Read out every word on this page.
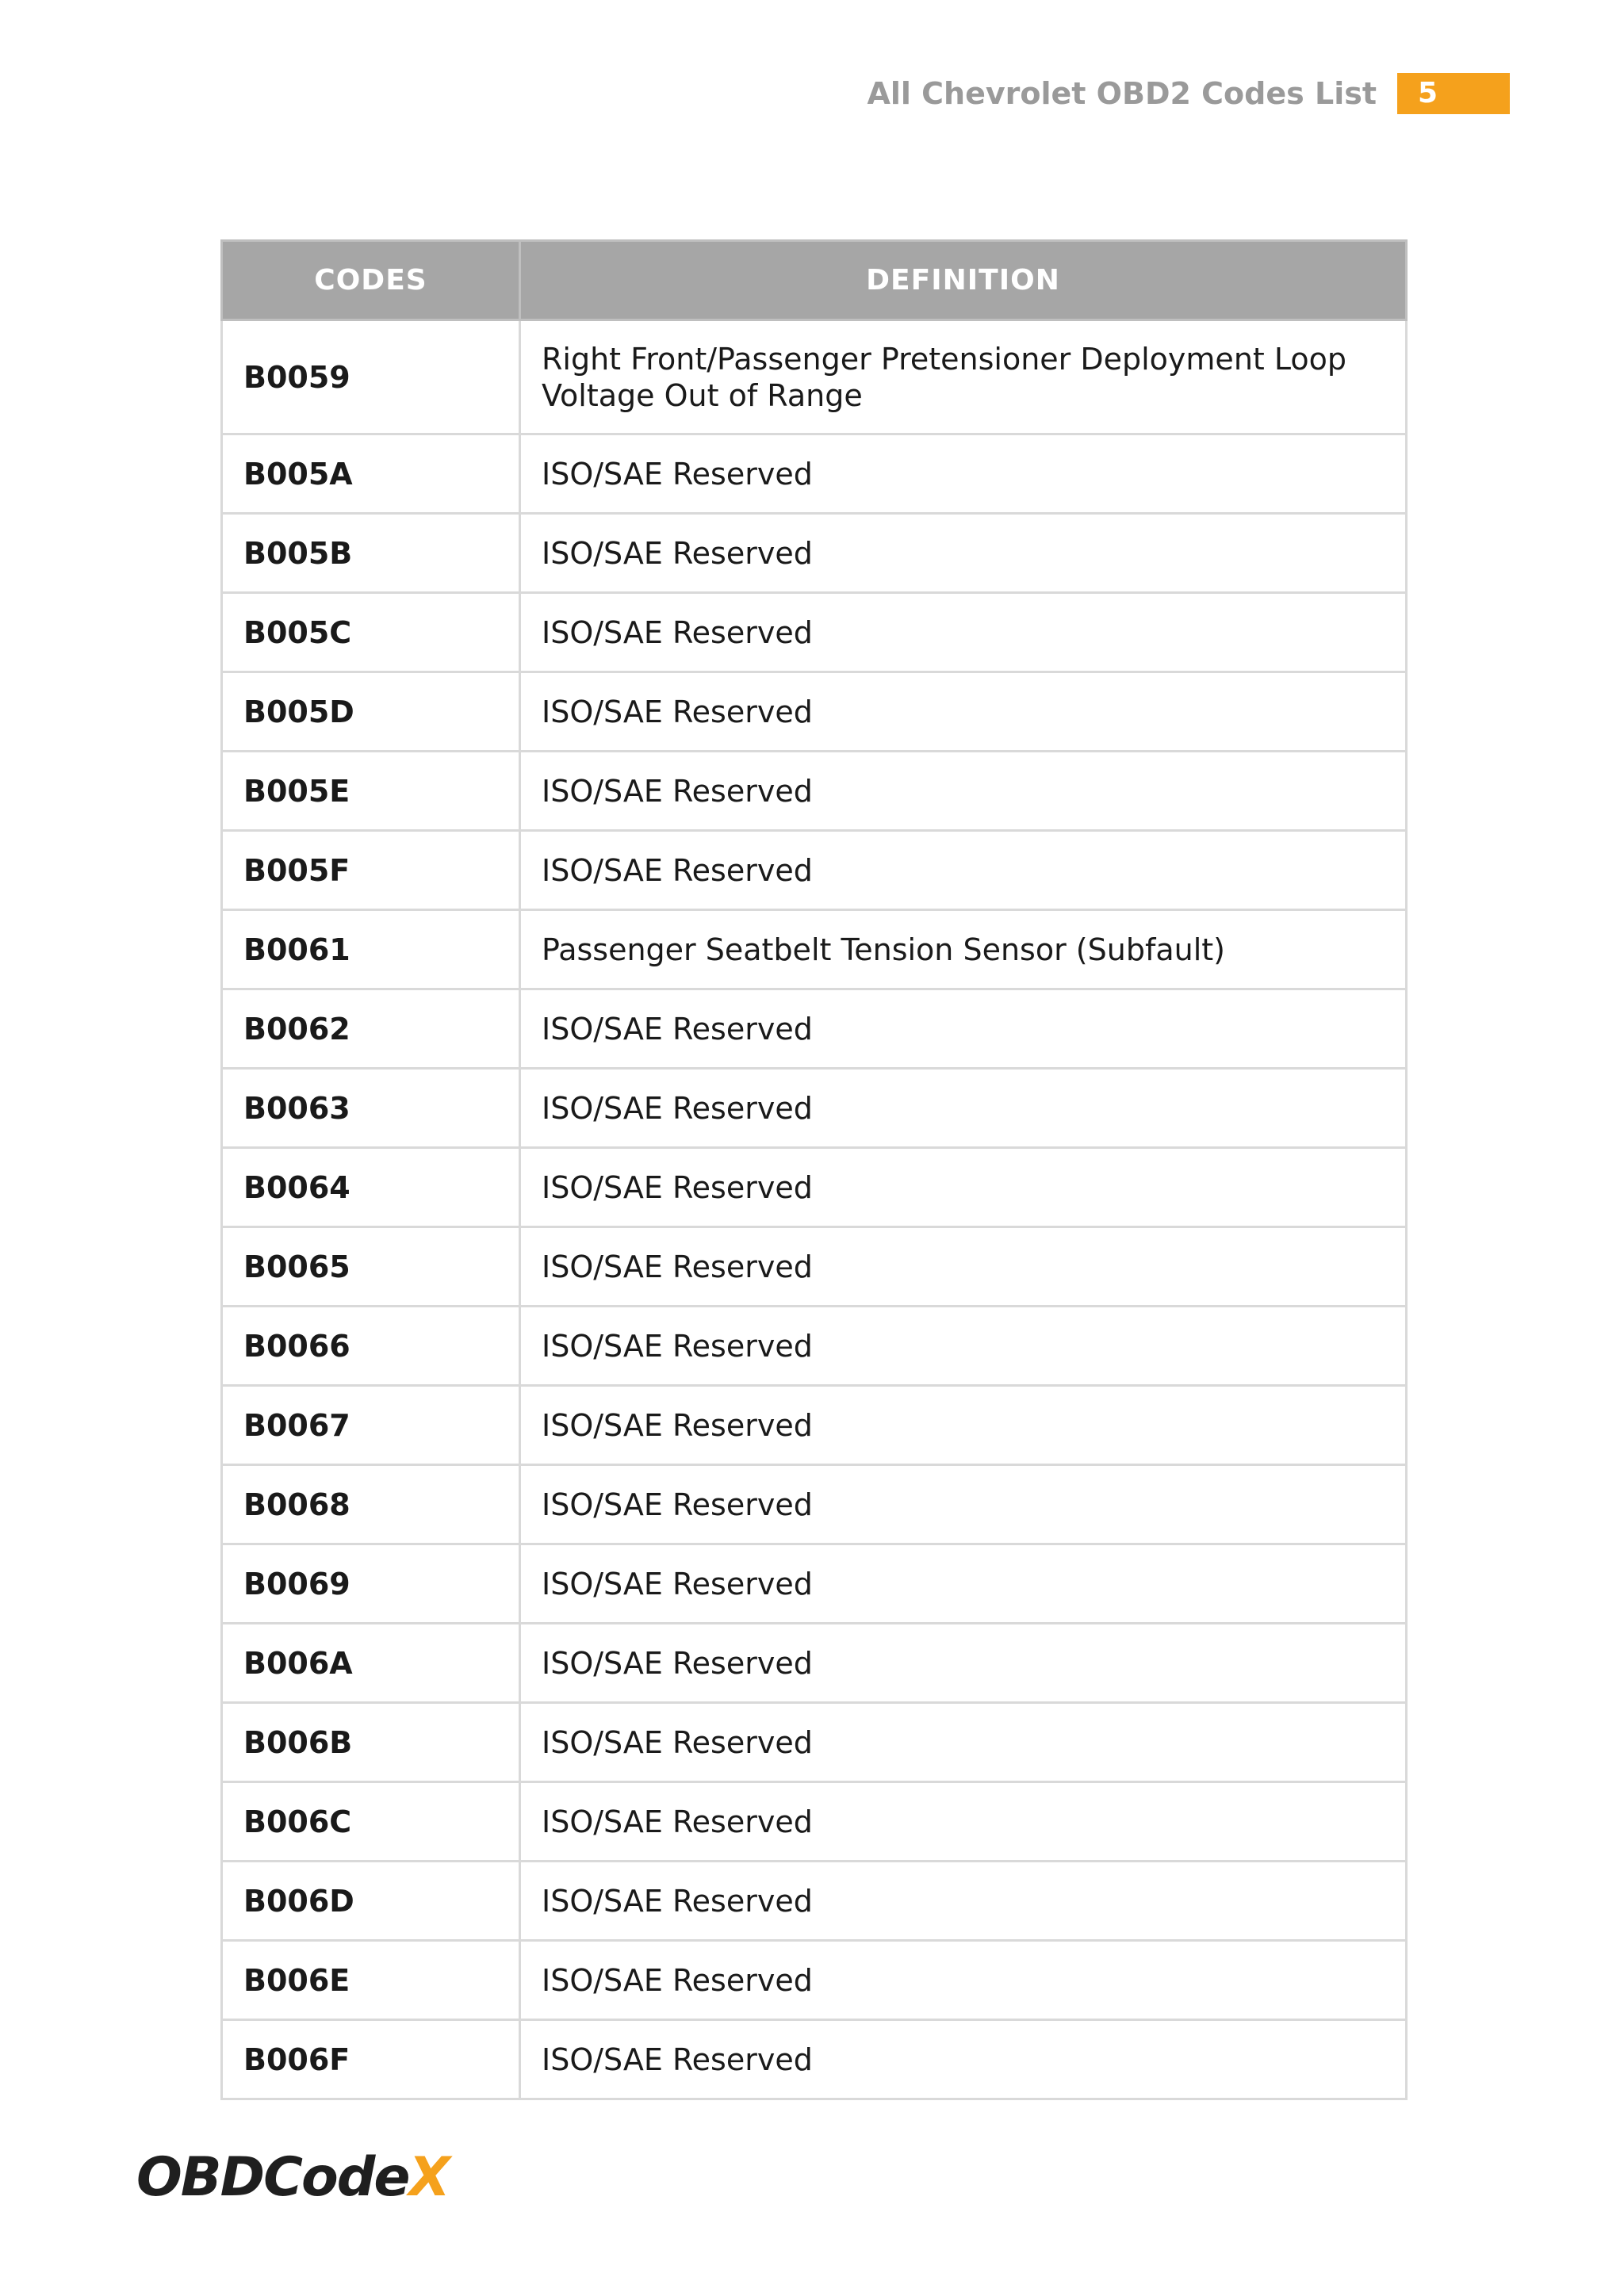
All Chevrolet OBD2 Codes List	5
CODES	DEFINITION
B0059	Right Front/Passenger Pretensioner Deployment Loop Voltage Out of Range
B005A	ISO/SAE Reserved
B005B	ISO/SAE Reserved
B005C	ISO/SAE Reserved
B005D	ISO/SAE Reserved
B005E	ISO/SAE Reserved
B005F	ISO/SAE Reserved
B0061	Passenger Seatbelt Tension Sensor (Subfault)
B0062	ISO/SAE Reserved
B0063	ISO/SAE Reserved
B0064	ISO/SAE Reserved
B0065	ISO/SAE Reserved
B0066	ISO/SAE Reserved
B0067	ISO/SAE Reserved
B0068	ISO/SAE Reserved
B0069	ISO/SAE Reserved
B006A	ISO/SAE Reserved
B006B	ISO/SAE Reserved
B006C	ISO/SAE Reserved
B006D	ISO/SAE Reserved
B006E	ISO/SAE Reserved
B006F	ISO/SAE Reserved
OBDCodeX
